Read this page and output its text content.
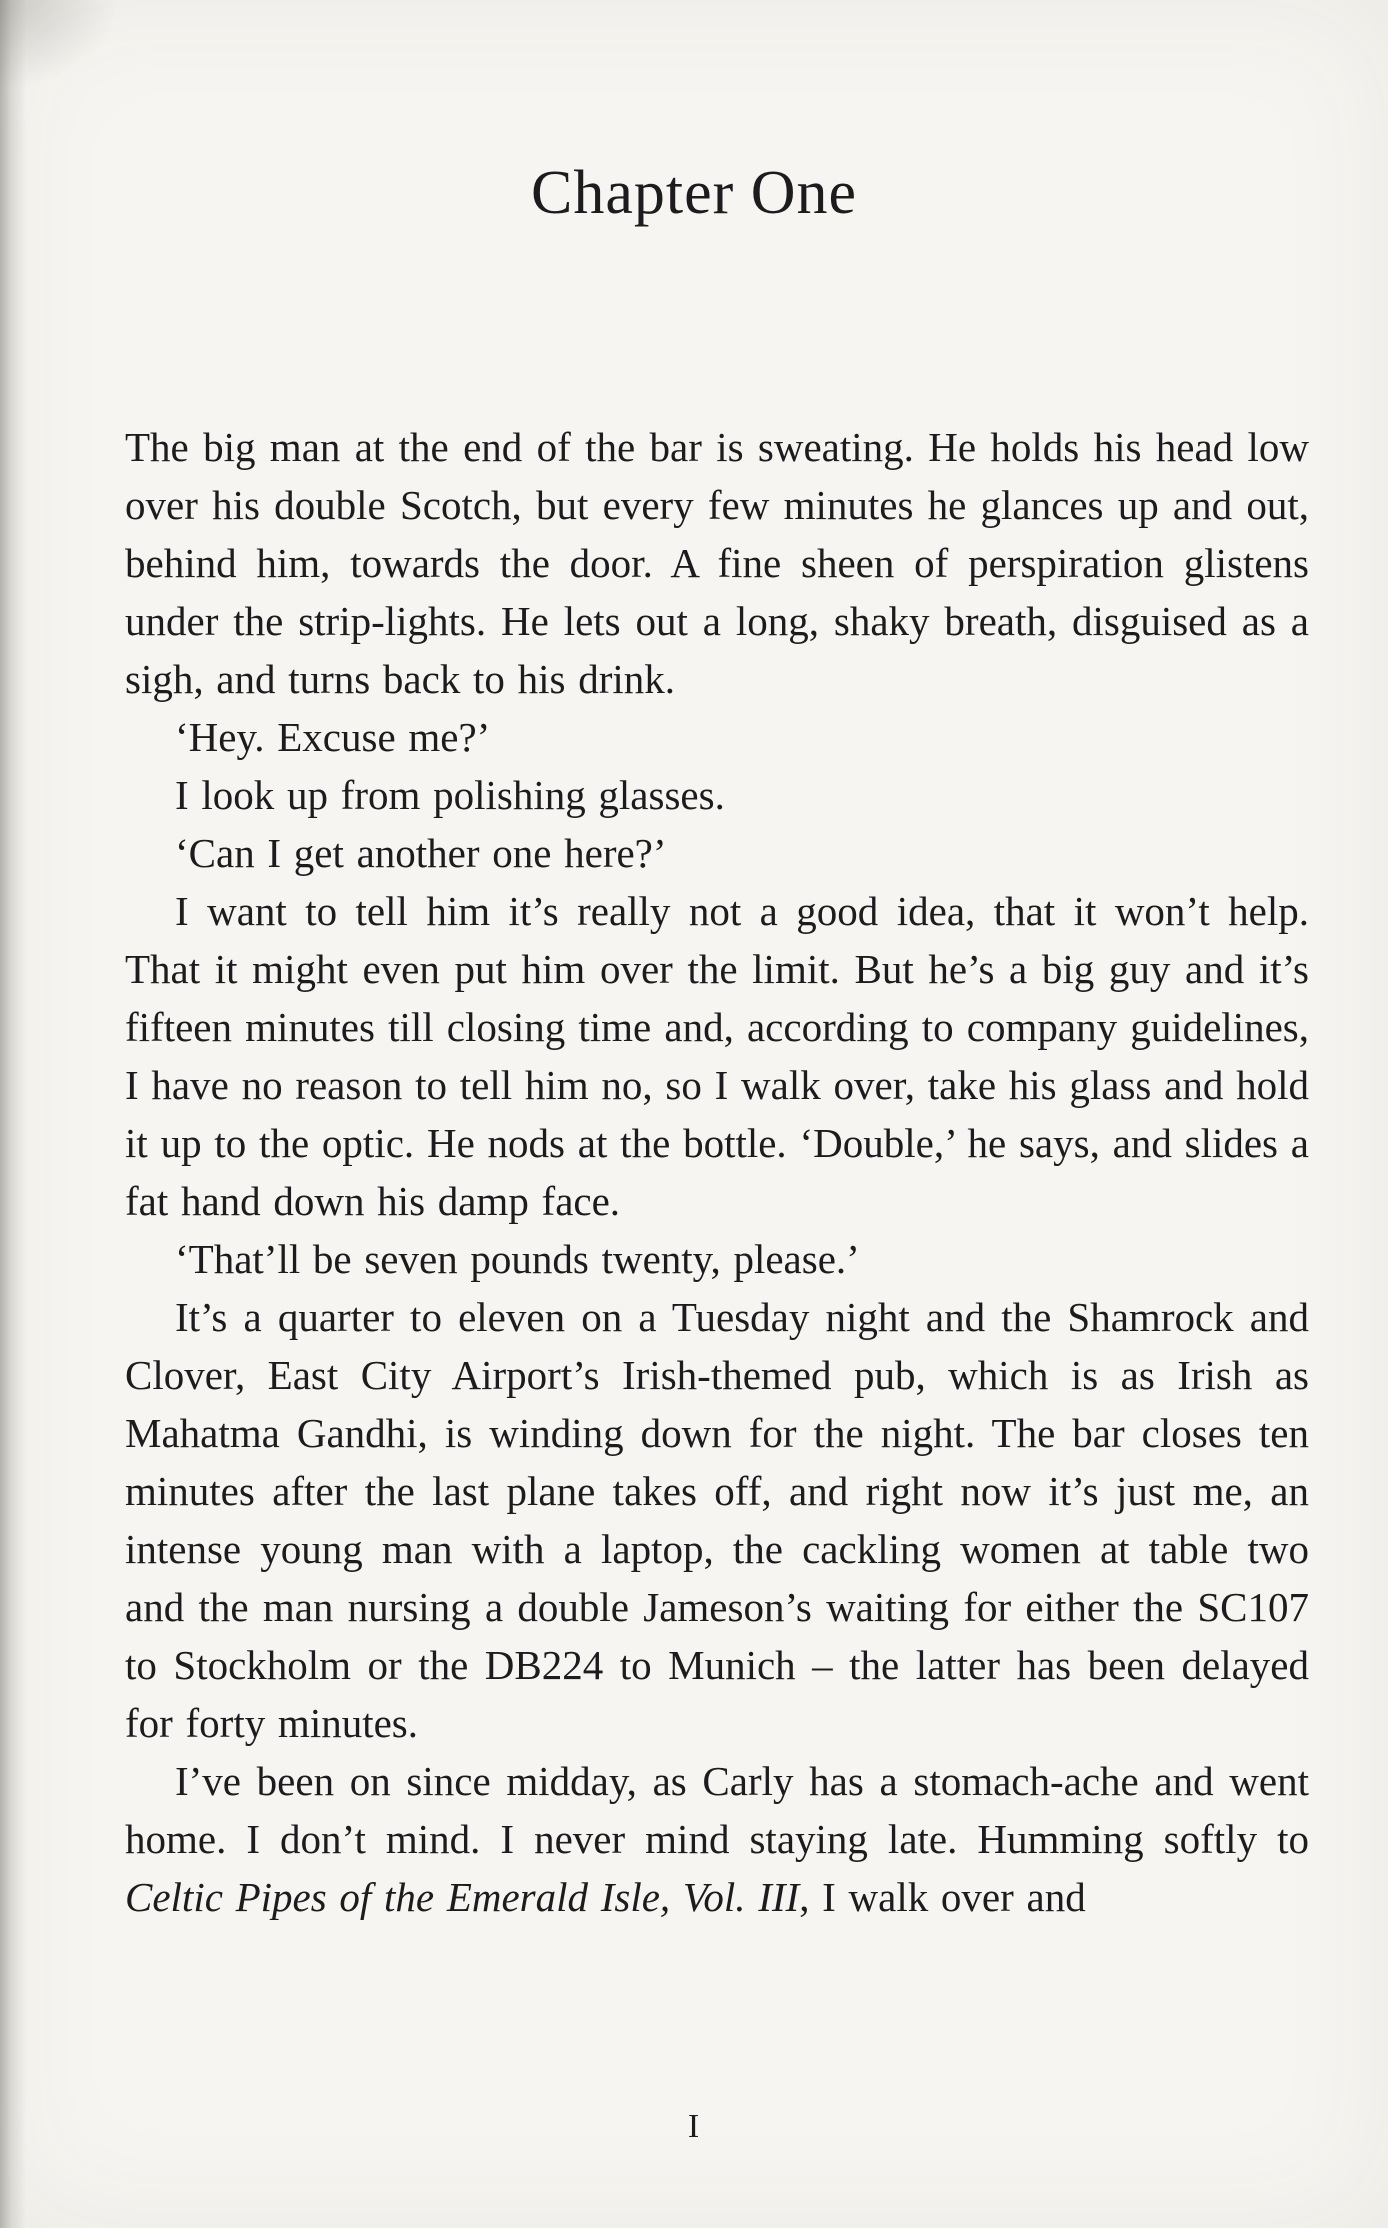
Chapter One

The big man at the end of the bar is sweating. He holds his head low over his double Scotch, but every few minutes he glances up and out, behind him, towards the door. A fine sheen of perspiration glistens under the strip-lights. He lets out a long, shaky breath, disguised as a sigh, and turns back to his drink.

‘Hey. Excuse me?’

I look up from polishing glasses.

‘Can I get another one here?’

I want to tell him it’s really not a good idea, that it won’t help. That it might even put him over the limit. But he’s a big guy and it’s fifteen minutes till closing time and, according to company guidelines, I have no reason to tell him no, so I walk over, take his glass and hold it up to the optic. He nods at the bottle. ‘Double,’ he says, and slides a fat hand down his damp face.

‘That’ll be seven pounds twenty, please.’

It’s a quarter to eleven on a Tuesday night and the Shamrock and Clover, East City Airport’s Irish-themed pub, which is as Irish as Mahatma Gandhi, is winding down for the night. The bar closes ten minutes after the last plane takes off, and right now it’s just me, an intense young man with a laptop, the cackling women at table two and the man nursing a double Jameson’s waiting for either the SC107 to Stockholm or the DB224 to Munich – the latter has been delayed for forty minutes.

I’ve been on since midday, as Carly has a stomach-ache and went home. I don’t mind. I never mind staying late. Humming softly to Celtic Pipes of the Emerald Isle, Vol. III, I walk over and

I
